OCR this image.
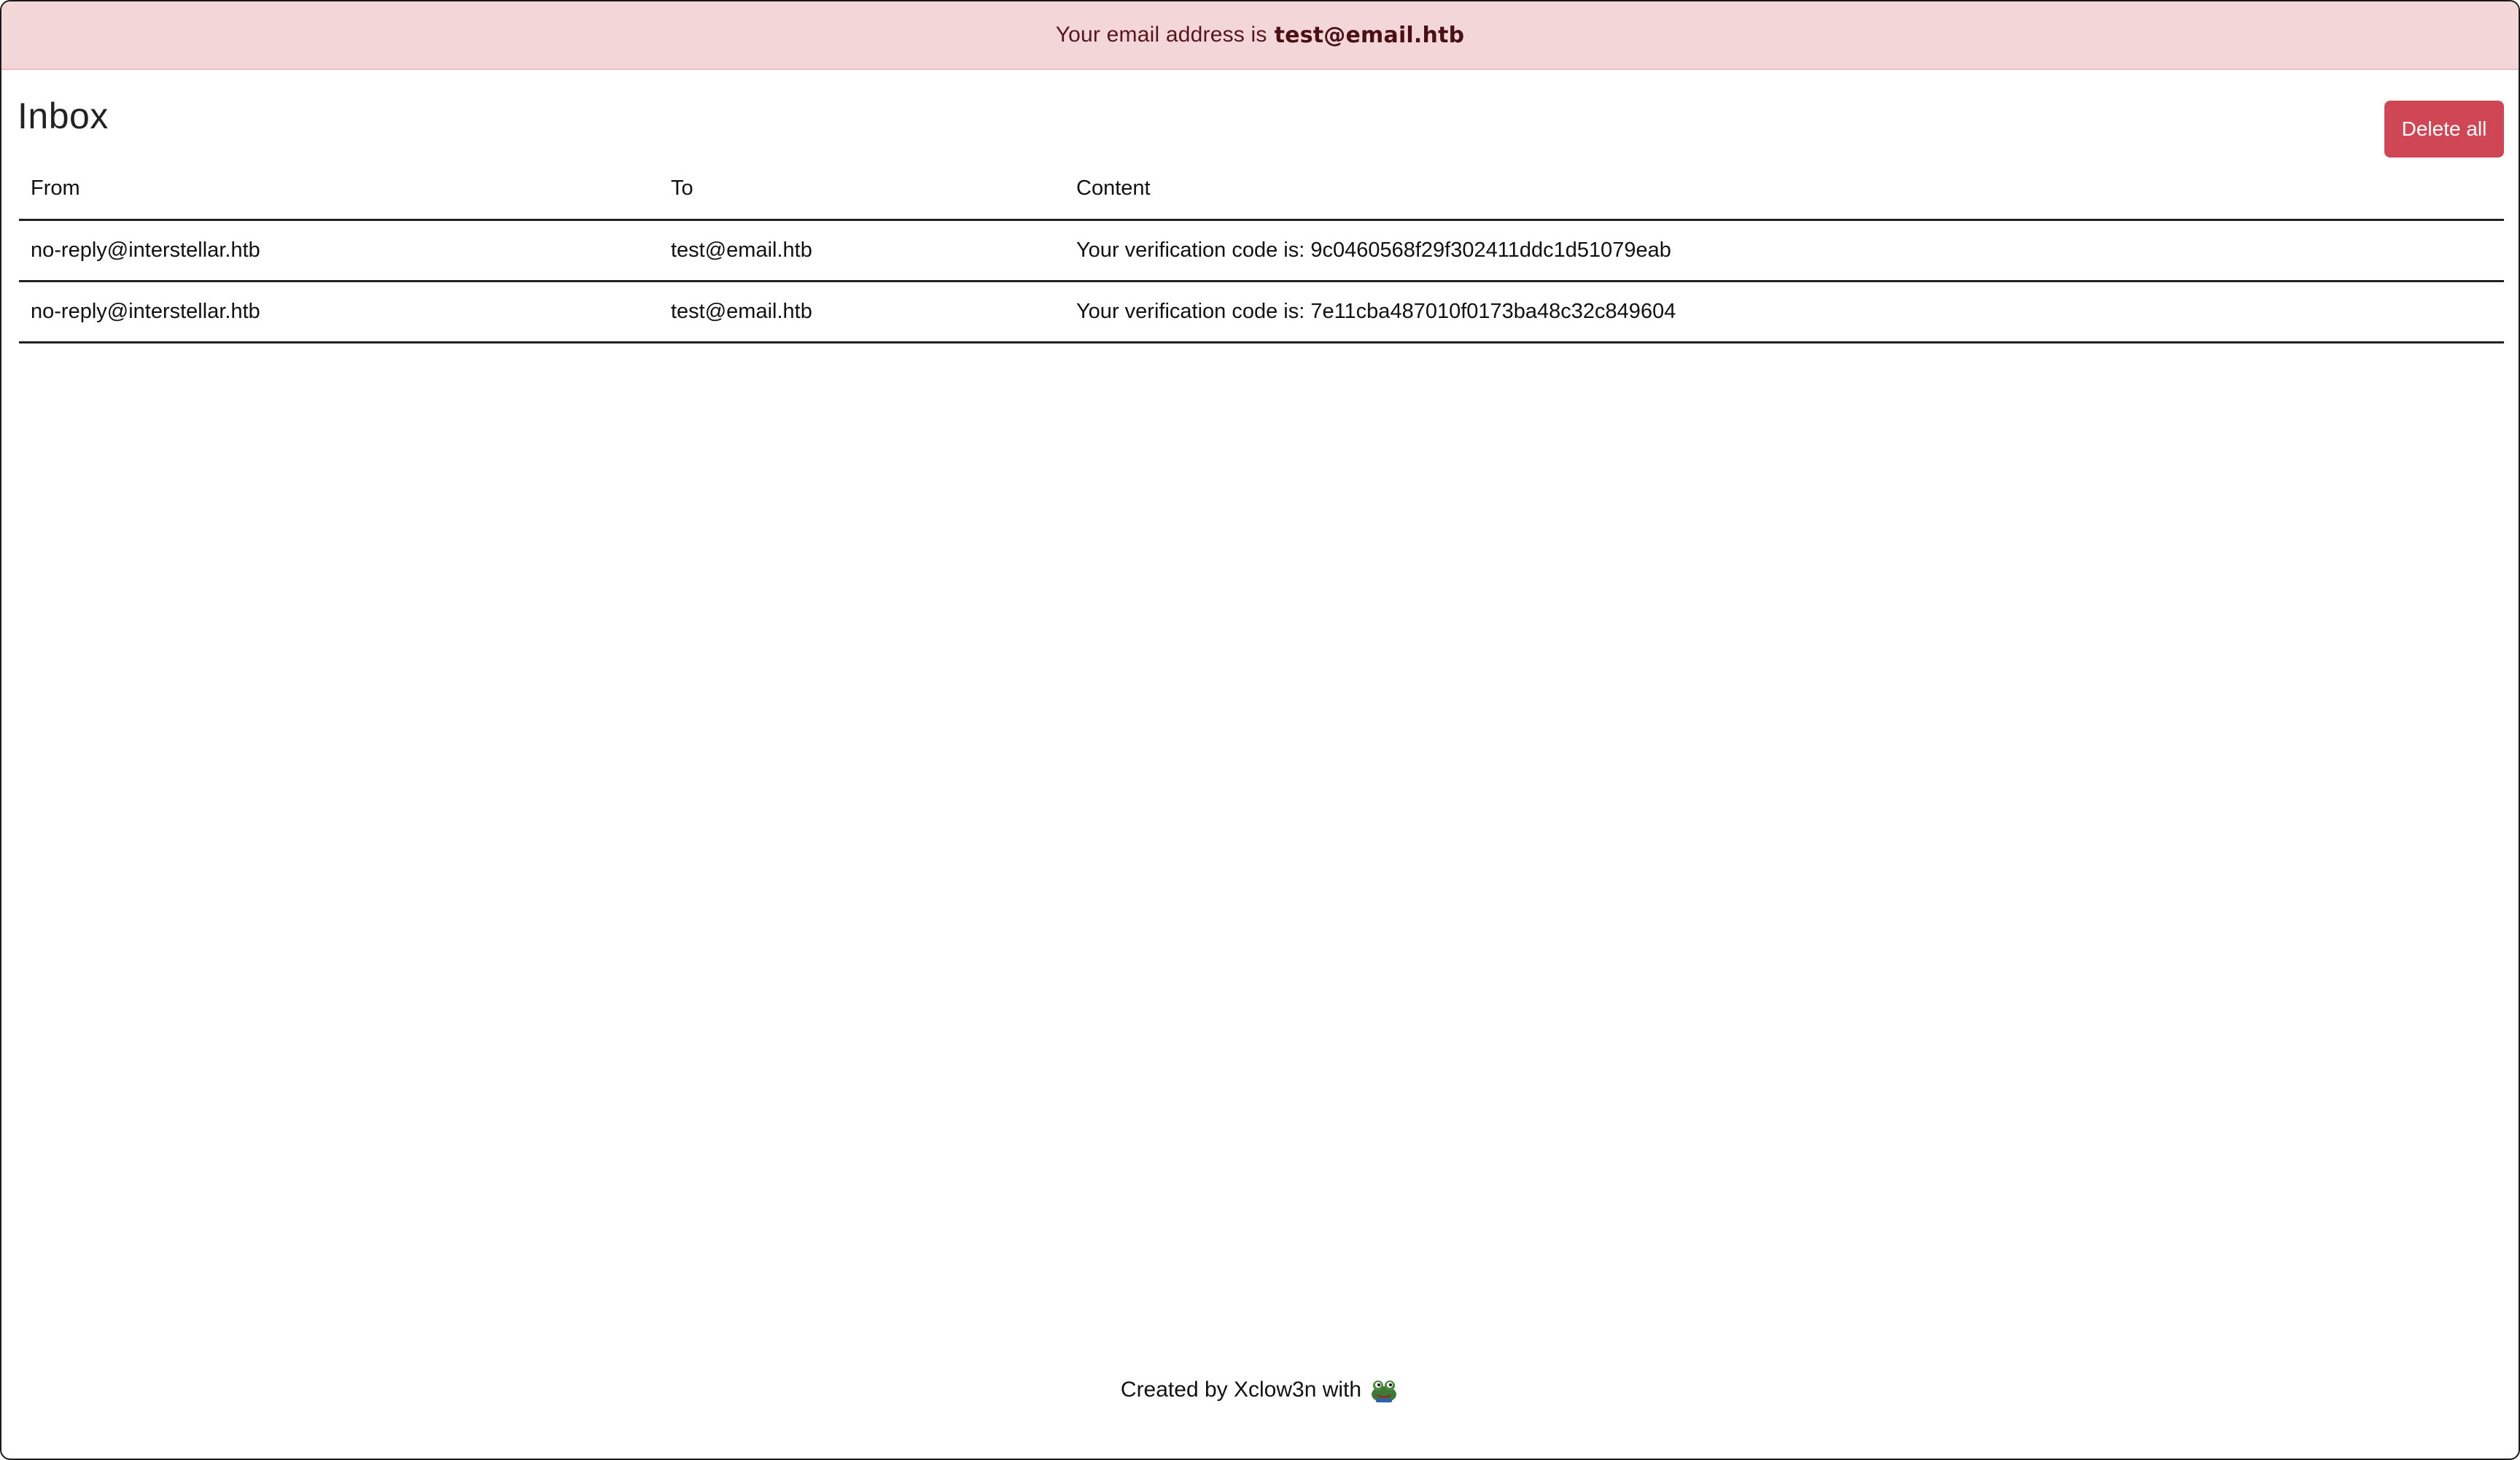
Your email address is test@email.htb
Inbox	Delete all
From	To	Content
no-reply@interstellar.htb	test@email.htb	Your verification code is: 9c0460568f29f302411ddc1d51079eab
no-reply@interstellar.htb	test@email.htb	Your verification code is: 7e11cba487010f0173ba48c32c849604
Created by Xclow3n with
